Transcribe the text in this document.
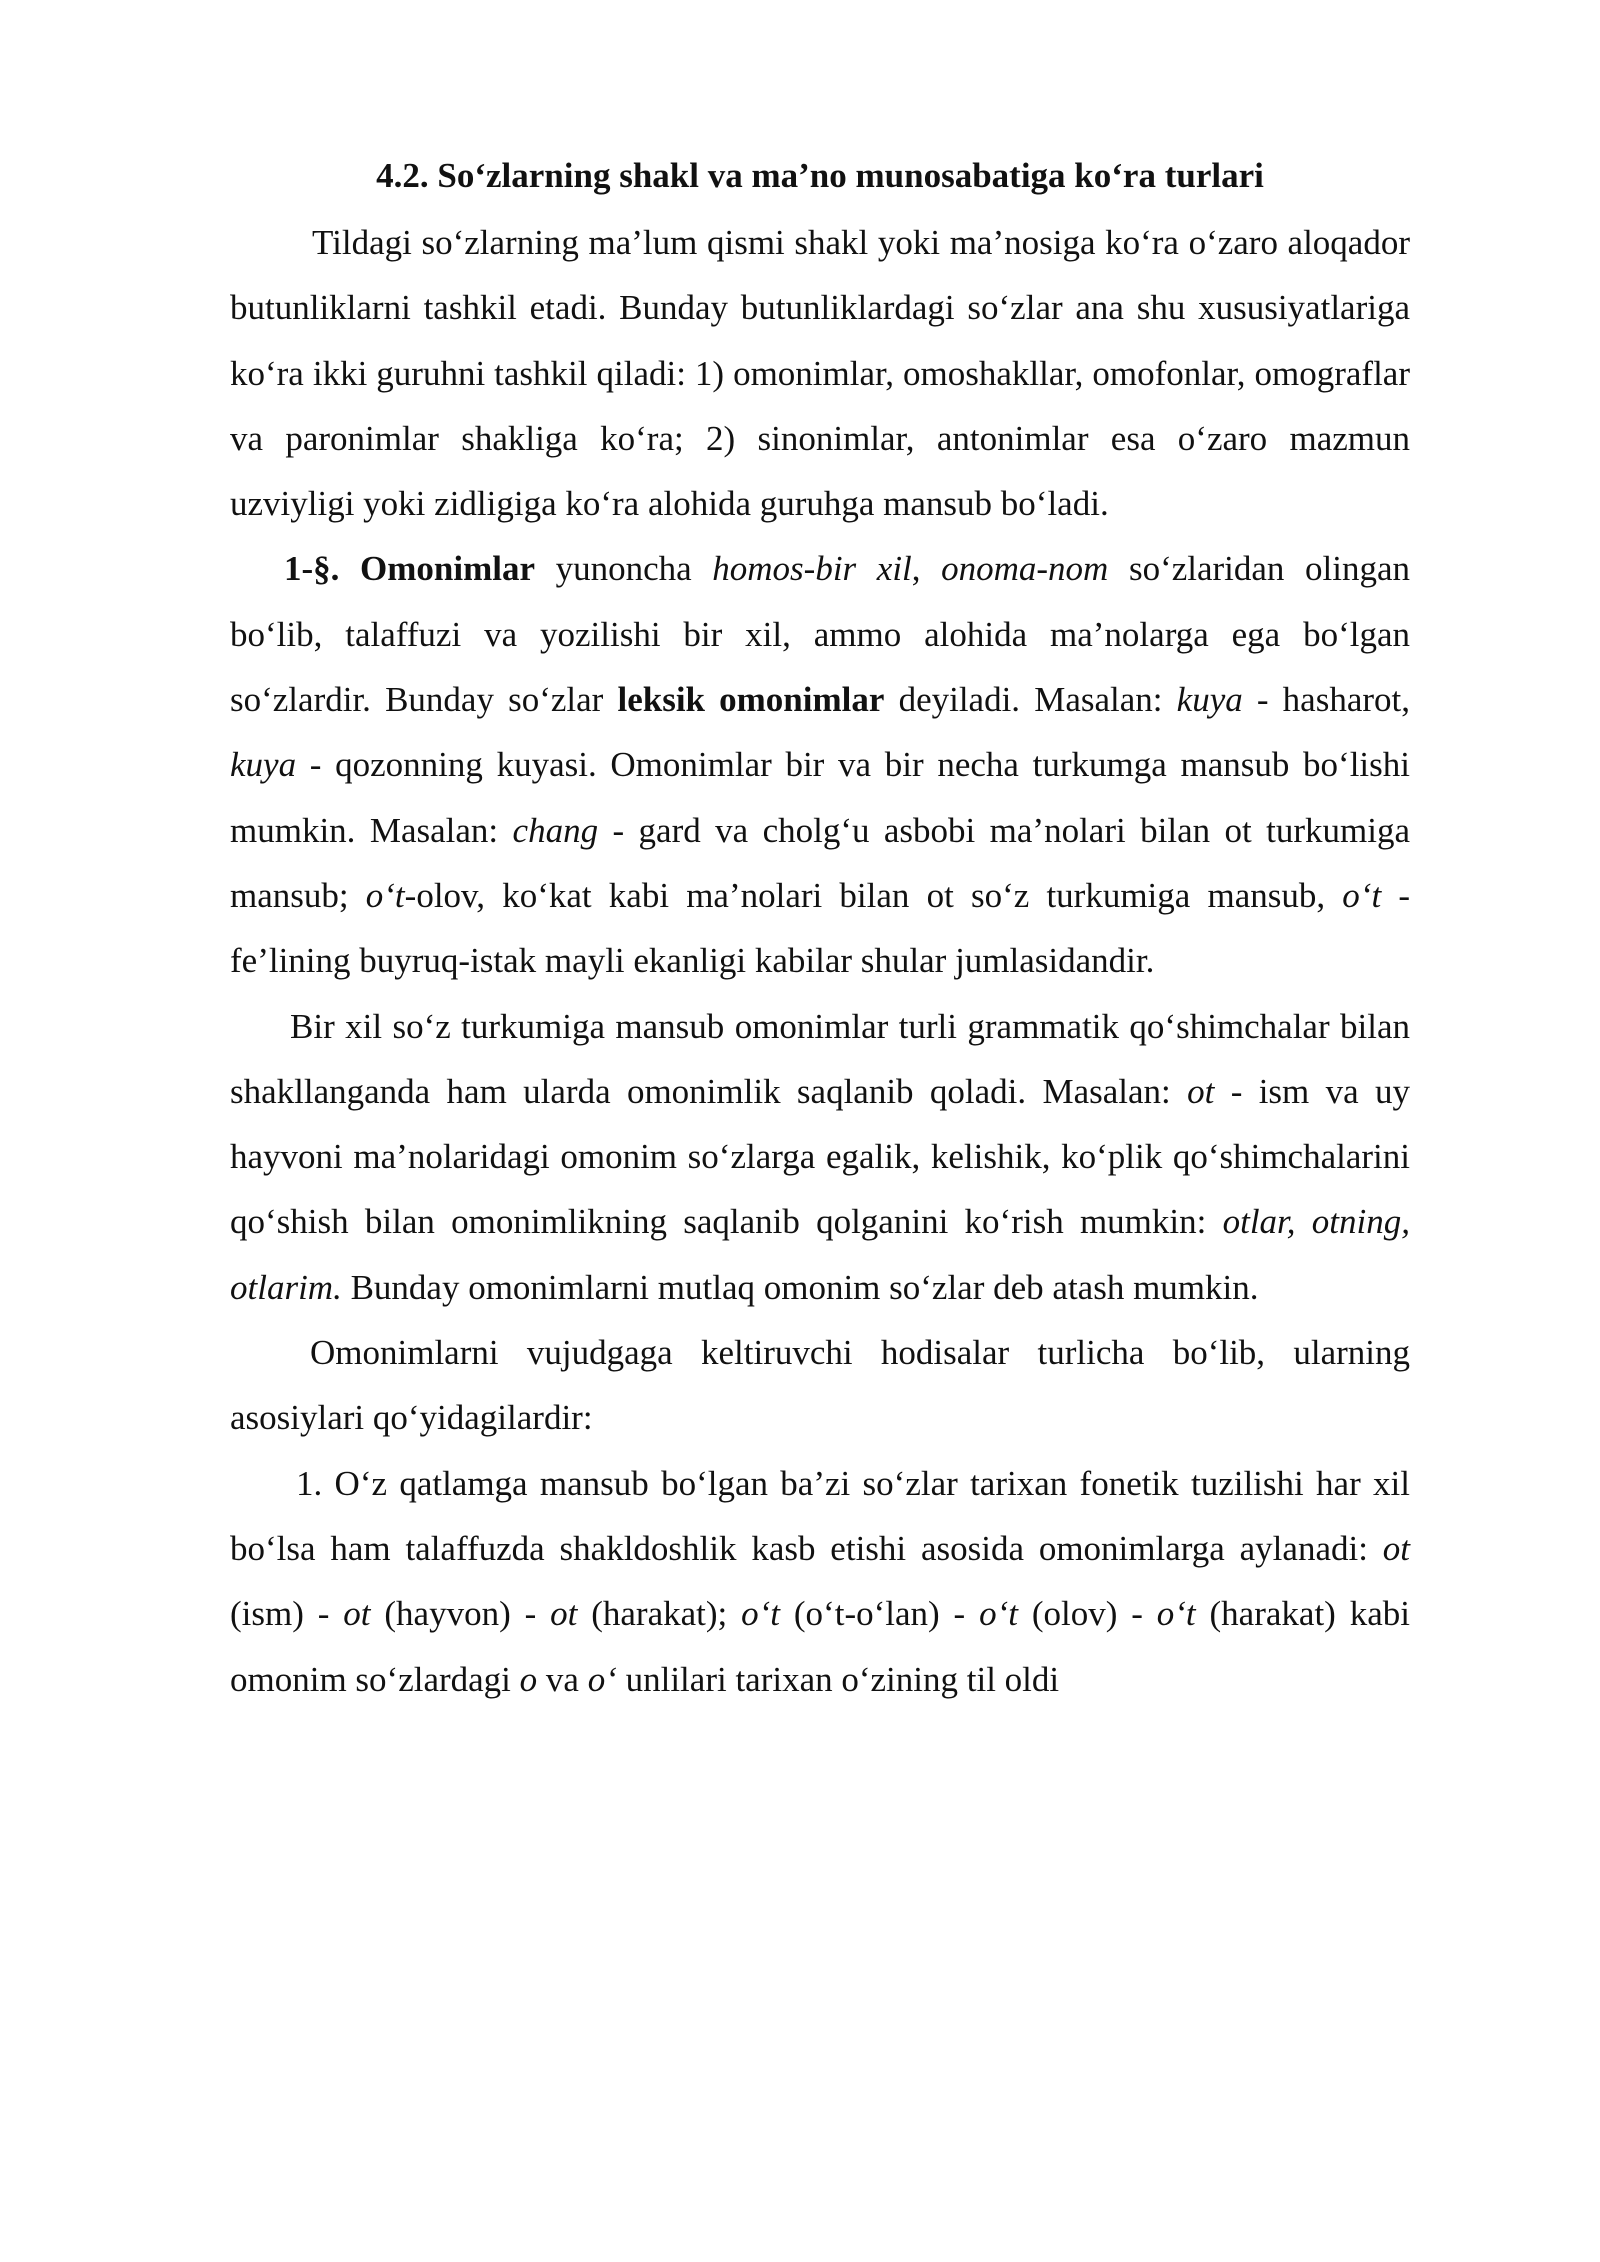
4.2. So‘zlarning shakl va ma’no munosabatiga ko‘ra turlari

Tildagi so‘zlarning ma’lum qismi shakl yoki ma’nosiga ko‘ra o‘zaro aloqador butunliklarni tashkil etadi. Bunday butunliklardagi so‘zlar ana shu xususiyatlariga ko‘ra ikki guruhni tashkil qiladi: 1) omonimlar, omoshakllar, omofonlar, omograflar va paronimlar shakliga ko‘ra; 2) sinonimlar, antonimlar esa o‘zaro mazmun uzviyligi yoki zidligiga ko‘ra alohida guruhga mansub bo‘ladi.

1-§. Omonimlar yunoncha homos-bir xil, onoma-nom so‘zlaridan olingan bo‘lib, talaffuzi va yozilishi bir xil, ammo alohida ma’nolarga ega bo‘lgan so‘zlardir. Bunday so‘zlar leksik omonimlar deyiladi. Masalan: kuya - hasharot, kuya - qozonning kuyasi. Omonimlar bir va bir necha turkumga mansub bo‘lishi mumkin. Masalan: chang - gard va cholg‘u asbobi ma’nolari bilan ot turkumiga mansub; o‘t-olov, ko‘kat kabi ma’nolari bilan ot so‘z turkumiga mansub, o‘t - fe’lining buyruq-istak mayli ekanligi kabilar shular jumlasidandir.

Bir xil so‘z turkumiga mansub omonimlar turli grammatik qo‘shimchalar bilan shakllanganda ham ularda omonimlik saqlanib qoladi. Masalan: ot - ism va uy hayvoni ma’nolaridagi omonim so‘zlarga egalik, kelishik, ko‘plik qo‘shimchalarini qo‘shish bilan omonimlikning saqlanib qolganini ko‘rish mumkin: otlar, otning, otlarim. Bunday omonimlarni mutlaq omonim so‘zlar deb atash mumkin.

Omonimlarni vujudgaga keltiruvchi hodisalar turlicha bo‘lib, ularning asosiylari qo‘yidagilardir:

1. O‘z qatlamga mansub bo‘lgan ba’zi so‘zlar tarixan fonetik tuzilishi har xil bo‘lsa ham talaffuzda shakldoshlik kasb etishi asosida omonimlarga aylanadi: ot (ism) - ot (hayvon) - ot (harakat); o‘t (o‘t-o‘lan) - o‘t (olov) - o‘t (harakat) kabi omonim so‘zlardagi o va o‘ unlilari tarixan o‘zining til oldi
